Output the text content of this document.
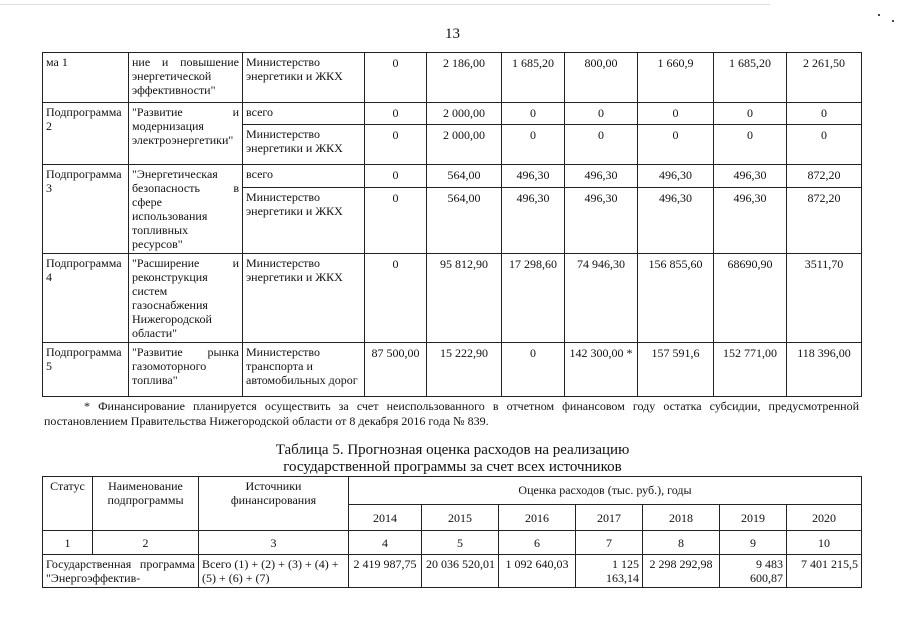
13
ма 1	ние и повышение энергетической эффективности"	Министерство энергетики и ЖКХ	0	2 186,00	1 685,20	800,00	1 660,9	1 685,20	2 261,50
Подпрограмма 2	"Развитие и модернизация электроэнергетики"	всего	0	2 000,00	0	0	0	0	0
		Министерство энергетики и ЖКХ	0	2 000,00	0	0	0	0	0
Подпрограмма 3	"Энергетическая безопасность в сфере использования топливных ресурсов"	всего	0	564,00	496,30	496,30	496,30	496,30	872,20
		Министерство энергетики и ЖКХ	0	564,00	496,30	496,30	496,30	496,30	872,20
Подпрограмма 4	"Расширение и реконструкция систем газоснабжения Нижегородской области"	Министерство энергетики и ЖКХ	0	95 812,90	17 298,60	74 946,30	156 855,60	68690,90	3511,70
Подпрограмма 5	"Развитие рынка газомоторного топлива"	Министерство транспорта и автомобильных дорог	87 500,00	15 222,90	0	142 300,00 *	157 591,6	152 771,00	118 396,00
* Финансирование планируется осуществить за счет неиспользованного в отчетном финансовом году остатка субсидии, предусмотренной постановлением Правительства Нижегородской области от 8 декабря 2016 года № 839.
Таблица 5. Прогнозная оценка расходов на реализацию
государственной программы за счет всех источников
Статус	Наименование подпрограммы	Источники финансирования	Оценка расходов (тыс. руб.), годы						
			2014	2015	2016	2017	2018	2019	2020
1	2	3	4	5	6	7	8	9	10
Государственная программа "Энергоэффектив-		Всего (1) + (2) + (3) + (4) + (5) + (6) + (7)	2 419 987,75	20 036 520,01	1 092 640,03	1 125 163,14	2 298 292,98	9 483 600,87	7 401 215,5
